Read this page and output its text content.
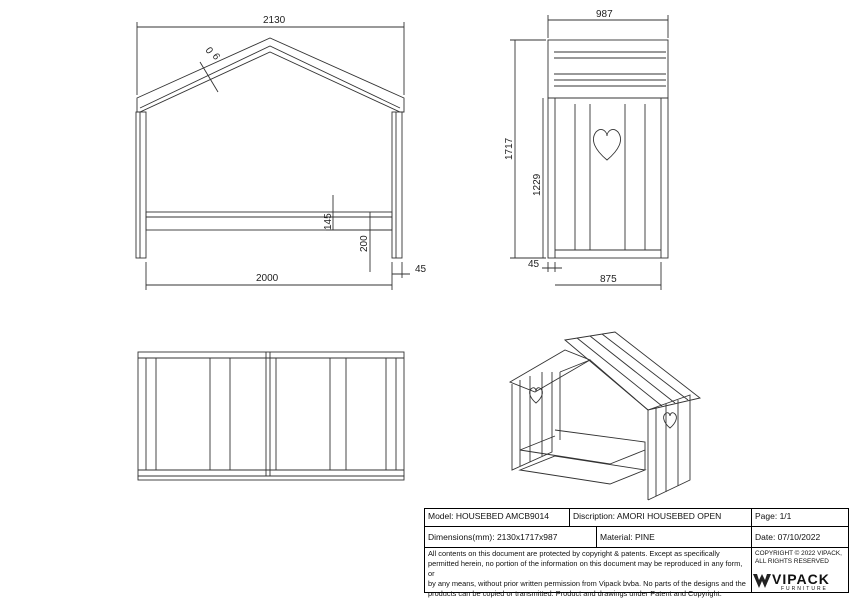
2130
2000
45
145
200
0
6
987
1717
1229
45
875
Model: HOUSEBED AMCB9014	Discription: AMORI HOUSEBED OPEN	Page: 1/1
Dimensions(mm): 2130x1717x987	Material: PINE	Date: 07/10/2022
All contents on this document are protected by copyright & patents. Except as specifically
permitted herein, no portion of the information on this document may be reproduced in any form, or
by any means, without prior written permission from Vipack bvba. No parts of the designs and the
products can be copied or transmitted. Product and drawings under Patent and Copyright.
COPYRIGHT © 2022 VIPACK,
ALL RIGHTS RESERVED
VIPACK
FURNITURE
